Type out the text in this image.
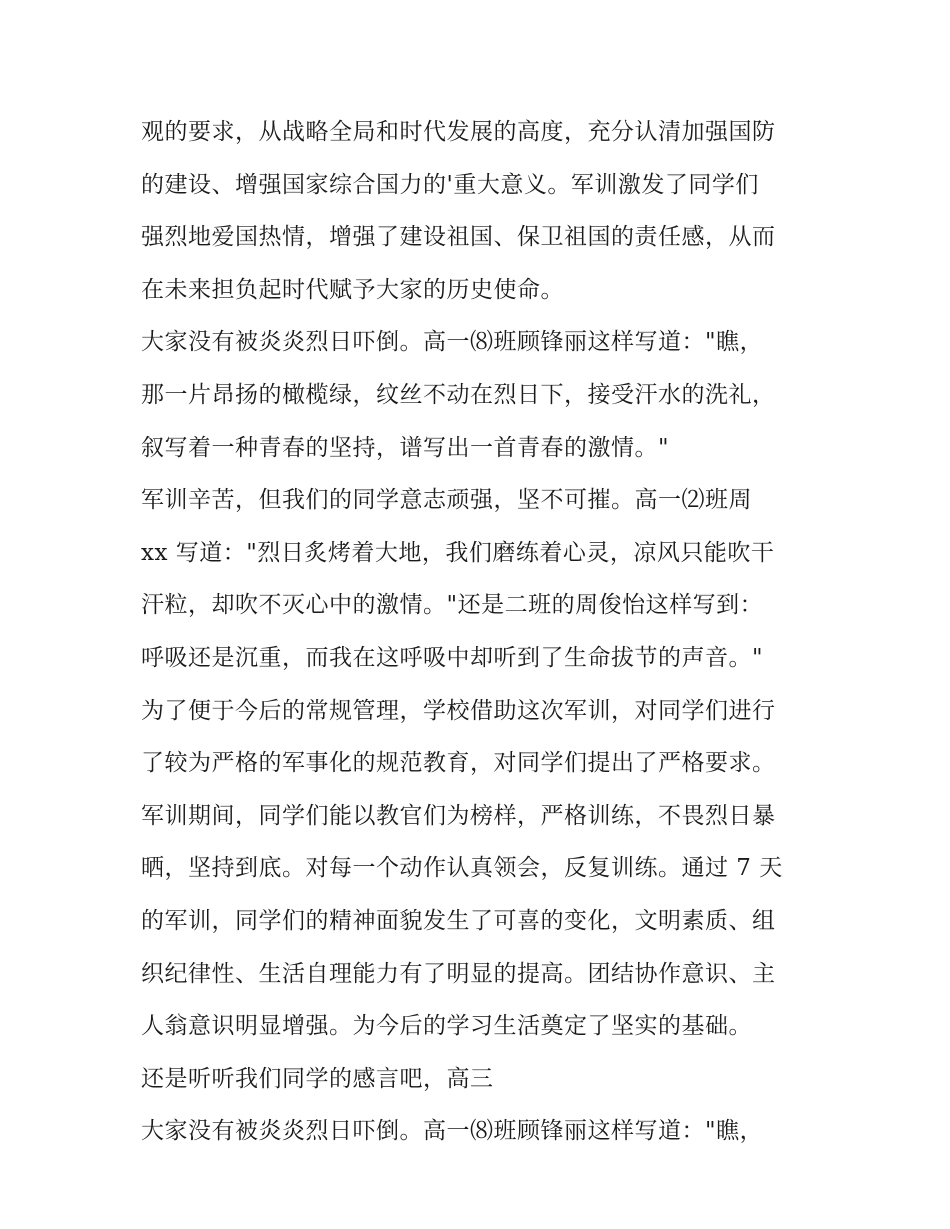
观的要求，从战略全局和时代发展的高度，充分认清加强国防
的建设、增强国家综合国力的'重大意义。军训激发了同学们
强烈地爱国热情，增强了建设祖国、保卫祖国的责任感，从而
在未来担负起时代赋予大家的历史使命。
大家没有被炎炎烈日吓倒。高一⑻班顾锋丽这样写道："瞧，
那一片昂扬的橄榄绿，纹丝不动在烈日下，接受汗水的洗礼，
叙写着一种青春的坚持，谱写出一首青春的激情。"
军训辛苦，但我们的同学意志顽强，坚不可摧。高一⑵班周
xx 写道："烈日炙烤着大地，我们磨练着心灵，凉风只能吹干
汗粒，却吹不灭心中的激情。"还是二班的周俊怡这样写到：
呼吸还是沉重，而我在这呼吸中却听到了生命拔节的声音。"
为了便于今后的常规管理，学校借助这次军训，对同学们进行
了较为严格的军事化的规范教育，对同学们提出了严格要求。
军训期间，同学们能以教官们为榜样，严格训练，不畏烈日暴
晒，坚持到底。对每一个动作认真领会，反复训练。通过 7 天
的军训，同学们的精神面貌发生了可喜的变化，文明素质、组
织纪律性、生活自理能力有了明显的提高。团结协作意识、主
人翁意识明显增强。为今后的学习生活奠定了坚实的基础。
还是听听我们同学的感言吧，高三
大家没有被炎炎烈日吓倒。高一⑻班顾锋丽这样写道："瞧，
